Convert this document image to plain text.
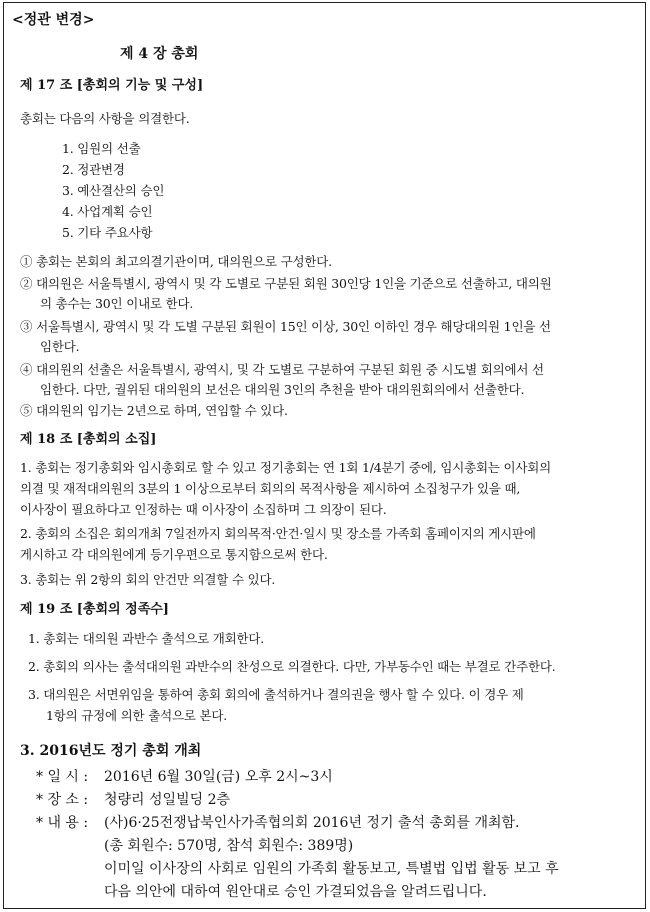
<정관 변경>
제 4 장 총회
제 17 조 [총회의 기능 및 구성]
총회는 다음의 사항을 의결한다.
1. 임원의 선출
2. 정관변경
3. 예산결산의 승인
4. 사업계획 승인
5. 기타 주요사항
① 총회는 본회의 최고의결기관이며, 대의원으로 구성한다.
② 대의원은 서울특별시, 광역시 및 각 도별로 구분된 회원 30인당 1인을 기준으로 선출하고, 대의원
의 총수는 30인 이내로 한다.
③ 서울특별시, 광역시 및 각 도별 구분된 회원이 15인 이상, 30인 이하인 경우 해당대의원 1인을 선
임한다.
④ 대의원의 선출은 서울특별시, 광역시, 및 각 도별로 구분하여 구분된 회원 중 시도별 회의에서 선
임한다. 다만, 궐위된 대의원의 보선은 대의원 3인의 추천을 받아 대의원회의에서 선출한다.
⑤ 대의원의 임기는 2년으로 하며, 연임할 수 있다.
제 18 조 [총회의 소집]
1. 총회는 정기총회와 임시총회로 할 수 있고 정기총회는 연 1회 1/4분기 중에, 임시총회는 이사회의
의결 및 재적대의원의 3분의 1 이상으로부터 회의의 목적사항을 제시하여 소집청구가 있을 때,
이사장이 필요하다고 인정하는 때 이사장이 소집하며 그 의장이 된다.
2. 총회의 소집은 회의개최 7일전까지 회의목적·안건·일시 및 장소를 가족회 홈페이지의 게시판에
게시하고 각 대의원에게 등기우편으로 통지함으로써 한다.
3. 총회는 위 2항의 회의 안건만 의결할 수 있다.
제 19 조 [총회의 정족수]
1. 총회는 대의원 과반수 출석으로 개회한다.
2. 총회의 의사는 출석대의원 과반수의 찬성으로 의결한다. 다만, 가부동수인 때는 부결로 간주한다.
3. 대의원은 서면위임을 통하여 총회 회의에 출석하거나 결의권을 행사 할 수 있다. 이 경우 제
1항의 규정에 의한 출석으로 본다.
3. 2016년도 정기 총회 개최
* 일 시 : 2016년 6월 30일(금) 오후 2시~3시
* 장 소 : 청량리 성일빌딩 2층
* 내 용 : (사)6·25전쟁납북인사가족협의회 2016년 정기 출석 총회를 개최함.
(총 회원수: 570명, 참석 회원수: 389명)
이미일 이사장의 사회로 임원의 가족회 활동보고, 특별법 입법 활동 보고 후
다음 의안에 대하여 원안대로 승인 가결되었음을 알려드립니다.
